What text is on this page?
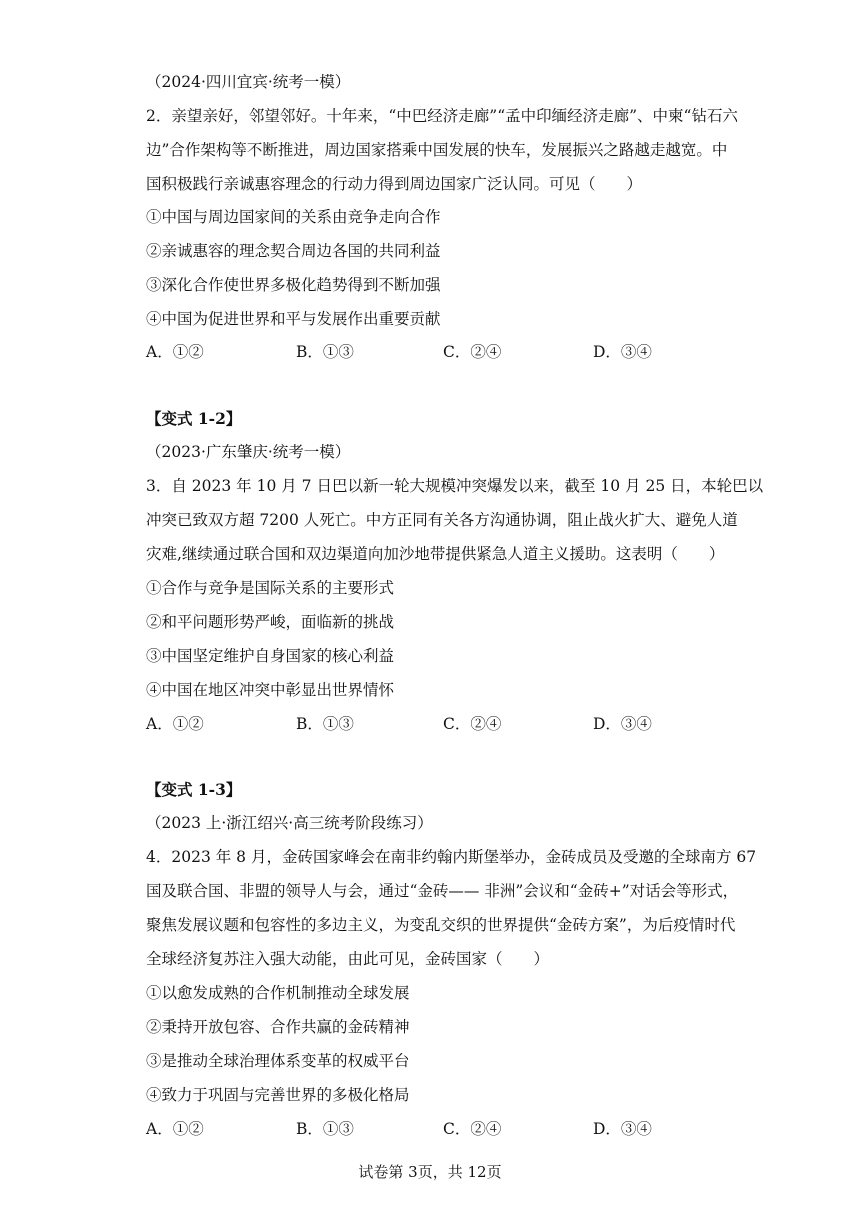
（2024·四川宜宾·统考一模）
2．亲望亲好，邻望邻好。十年来，“中巴经济走廊”“孟中印缅经济走廊”、中柬“钻石六
边”合作架构等不断推进，周边国家搭乘中国发展的快车，发展振兴之路越走越宽。中
国积极践行亲诚惠容理念的行动力得到周边国家广泛认同。可见（　　）
①中国与周边国家间的关系由竞争走向合作
②亲诚惠容的理念契合周边各国的共同利益
③深化合作使世界多极化趋势得到不断加强
④中国为促进世界和平与发展作出重要贡献
A．①②	B．①③	C．②④	D．③④
【变式 1-2】
（2023·广东肇庆·统考一模）
3．自 2023 年 10 月 7 日巴以新一轮大规模冲突爆发以来，截至 10 月 25 日，本轮巴以
冲突已致双方超 7200 人死亡。中方正同有关各方沟通协调，阻止战火扩大、避免人道
灾难,继续通过联合国和双边渠道向加沙地带提供紧急人道主义援助。这表明（　　）
①合作与竞争是国际关系的主要形式
②和平问题形势严峻，面临新的挑战
③中国坚定维护自身国家的核心利益
④中国在地区冲突中彰显出世界情怀
A．①②	B．①③	C．②④	D．③④
【变式 1-3】
（2023 上·浙江绍兴·高三统考阶段练习）
4．2023 年 8 月，金砖国家峰会在南非约翰内斯堡举办，金砖成员及受邀的全球南方 67
国及联合国、非盟的领导人与会，通过“金砖—— 非洲”会议和“金砖+”对话会等形式，
聚焦发展议题和包容性的多边主义，为变乱交织的世界提供“金砖方案”，为后疫情时代
全球经济复苏注入强大动能，由此可见，金砖国家（　　）
①以愈发成熟的合作机制推动全球发展
②秉持开放包容、合作共赢的金砖精神
③是推动全球治理体系变革的权威平台
④致力于巩固与完善世界的多极化格局
A．①②	B．①③	C．②④	D．③④
试卷第 3页，共 12页
